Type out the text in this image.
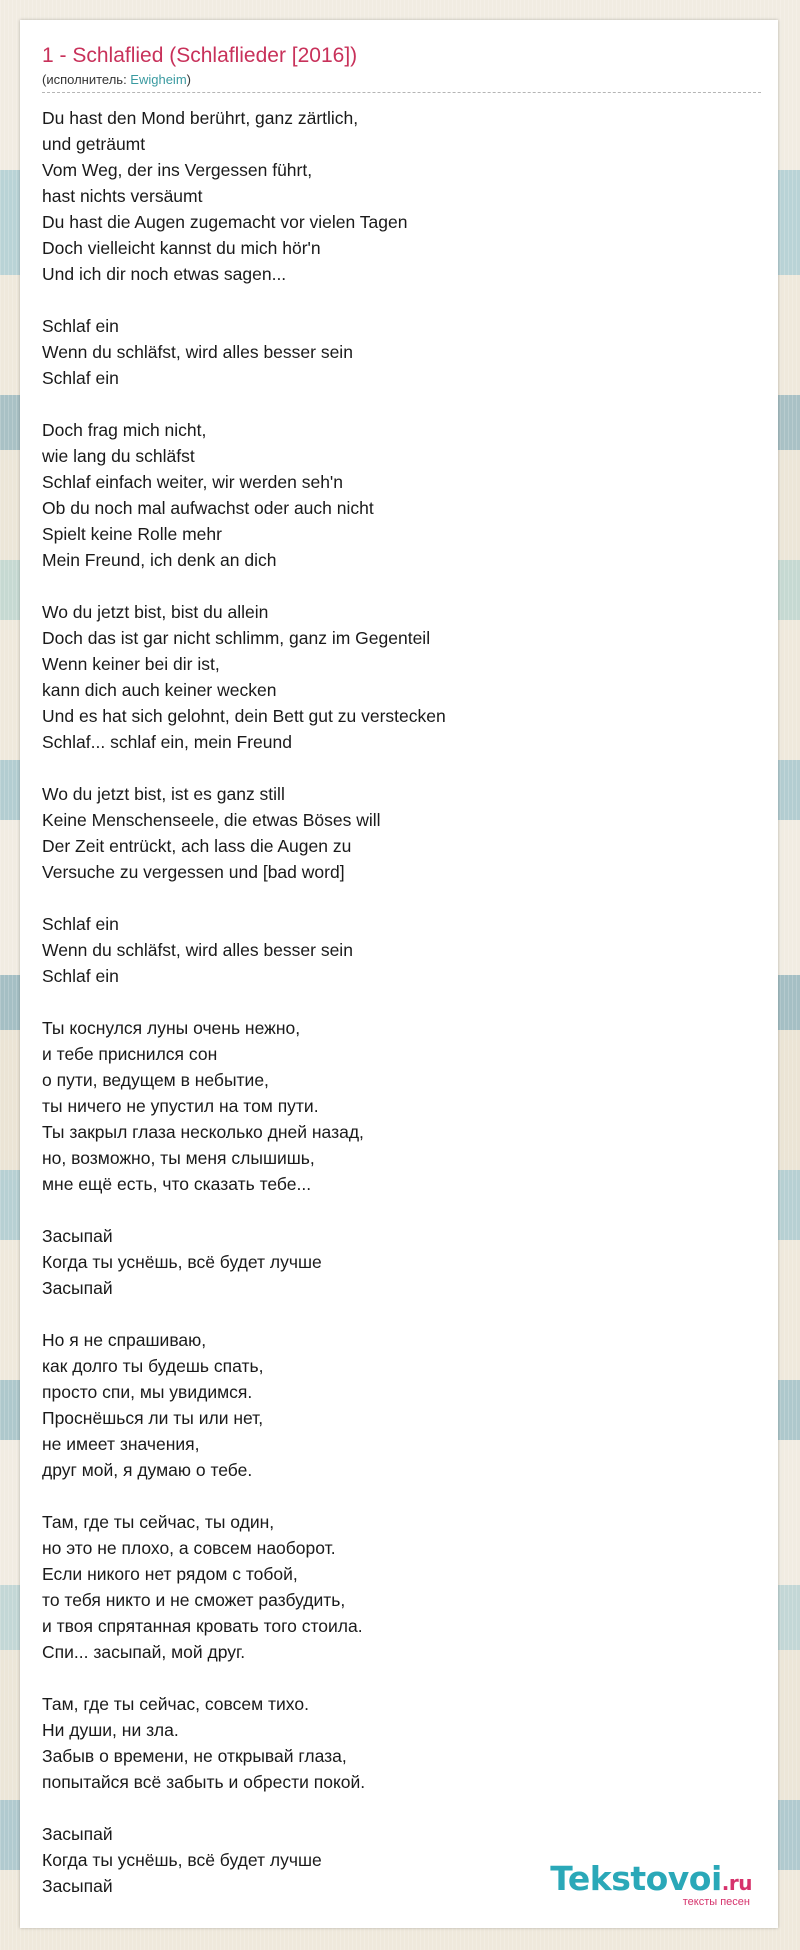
1 - Schlaflied (Schlaflieder [2016])
(исполнитель: Ewigheim)
Du hast den Mond berührt, ganz zärtlich,
und geträumt
Vom Weg, der ins Vergessen führt,
hast nichts versäumt
Du hast die Augen zugemacht vor vielen Tagen
Doch vielleicht kannst du mich hör'n
Und ich dir noch etwas sagen...
Schlaf ein
Wenn du schläfst, wird alles besser sein
Schlaf ein
Doch frag mich nicht,
wie lang du schläfst
Schlaf einfach weiter, wir werden seh'n
Ob du noch mal aufwachst oder auch nicht
Spielt keine Rolle mehr
Mein Freund, ich denk an dich
Wo du jetzt bist, bist du allein
Doch das ist gar nicht schlimm, ganz im Gegenteil
Wenn keiner bei dir ist,
kann dich auch keiner wecken
Und es hat sich gelohnt, dein Bett gut zu verstecken
Schlaf... schlaf ein, mein Freund
Wo du jetzt bist, ist es ganz still
Keine Menschenseele, die etwas Böses will
Der Zeit entrückt, ach lass die Augen zu
Versuche zu vergessen und [bad word]
Schlaf ein
Wenn du schläfst, wird alles besser sein
Schlaf ein
Ты коснулся луны очень нежно,
и тебе приснился сон
о пути, ведущем в небытие,
ты ничего не упустил на том пути.
Ты закрыл глаза несколько дней назад,
но, возможно, ты меня слышишь,
мне ещё есть, что сказать тебе...
Засыпай
Когда ты уснёшь, всё будет лучше
Засыпай
Но я не спрашиваю,
как долго ты будешь спать,
просто спи, мы увидимся.
Проснёшься ли ты или нет,
не имеет значения,
друг мой, я думаю о тебе.
Там, где ты сейчас, ты один,
но это не плохо, а совсем наоборот.
Если никого нет рядом с тобой,
то тебя никто и не сможет разбудить,
и твоя спрятанная кровать того стоила.
Спи... засыпай, мой друг.
Там, где ты сейчас, совсем тихо.
Ни души, ни зла.
Забыв о времени, не открывай глаза,
попытайся всё забыть и обрести покой.
Засыпай
Когда ты уснёшь, всё будет лучше
Засыпай	Tekstovoi.ru
тексты песен
